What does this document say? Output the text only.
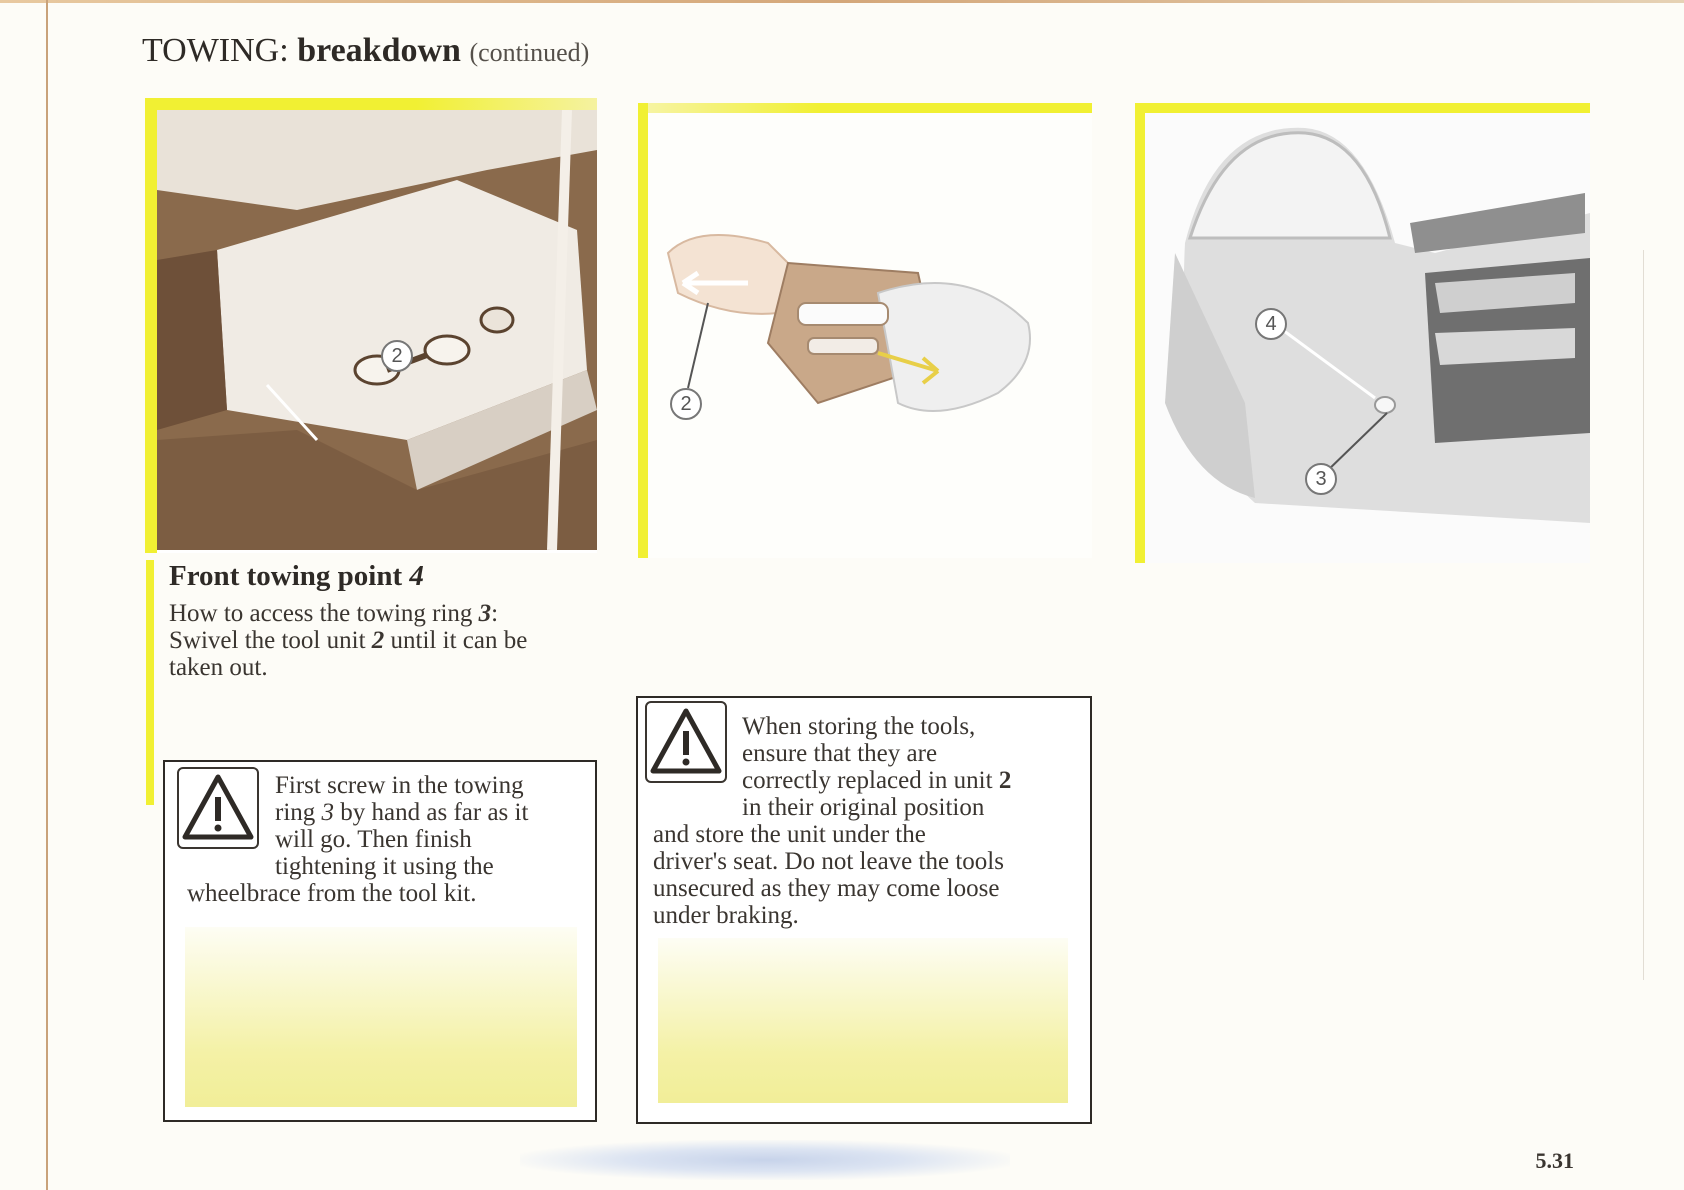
TOWING: breakdown (continued)
2
2
4
3
Front towing point 4
How to access the towing ring 3:
Swivel the tool unit 2 until it can be
taken out.
First screw in the towing
ring 3 by hand as far as it
will go. Then finish
tightening it using the
wheelbrace from the tool kit.
When storing the tools,
ensure that they are
correctly replaced in unit 2
in their original position
and store the unit under the
driver's seat. Do not leave the tools
unsecured as they may come loose
under braking.
5.31
